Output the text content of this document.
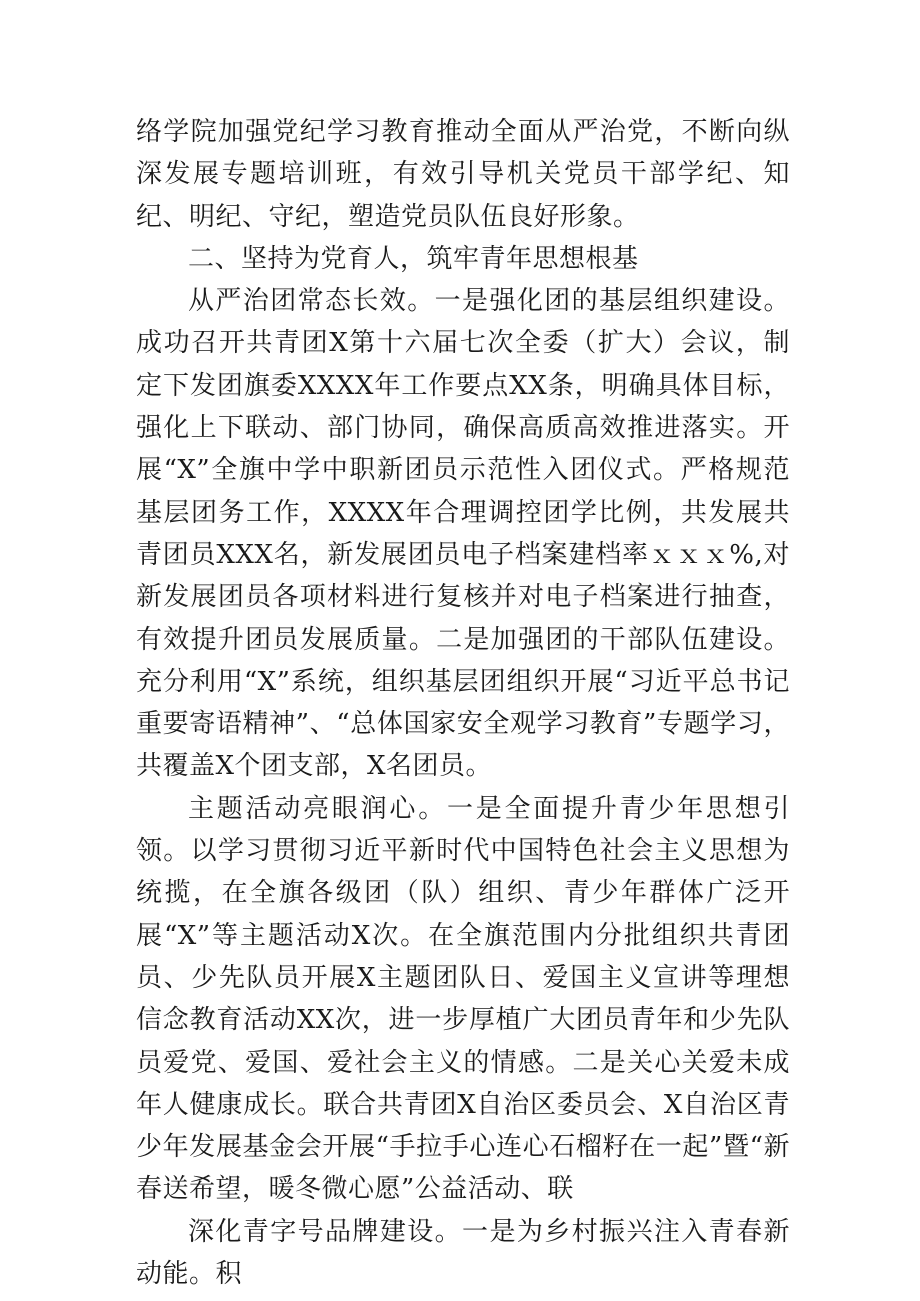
络学院加强党纪学习教育推动全面从严治党，不断向纵深发展专题培训班，有效引导机关党员干部学纪、知纪、明纪、守纪，塑造党员队伍良好形象。

二、坚持为党育人，筑牢青年思想根基

从严治团常态长效。一是强化团的基层组织建设。成功召开共青团X第十六届七次全委（扩大）会议，制定下发团旗委XXXX年工作要点XX条，明确具体目标，强化上下联动、部门协同，确保高质高效推进落实。开展“X”全旗中学中职新团员示范性入团仪式。严格规范基层团务工作，XXXX年合理调控团学比例，共发展共青团员XXX名，新发展团员电子档案建档率ｘｘｘ%,对新发展团员各项材料进行复核并对电子档案进行抽查，有效提升团员发展质量。二是加强团的干部队伍建设。充分利用“X”系统，组织基层团组织开展“习近平总书记重要寄语精神”、“总体国家安全观学习教育”专题学习，共覆盖X个团支部，X名团员。

主题活动亮眼润心。一是全面提升青少年思想引领。以学习贯彻习近平新时代中国特色社会主义思想为统揽，在全旗各级团（队）组织、青少年群体广泛开展“X”等主题活动X次。在全旗范围内分批组织共青团员、少先队员开展X主题团队日、爱国主义宣讲等理想信念教育活动XX次，进一步厚植广大团员青年和少先队员爱党、爱国、爱社会主义的情感。二是关心关爱未成年人健康成长。联合共青团X自治区委员会、X自治区青少年发展基金会开展“手拉手心连心石榴籽在一起”暨“新春送希望，暖冬微心愿”公益活动、联

深化青字号品牌建设。一是为乡村振兴注入青春新动能。积
